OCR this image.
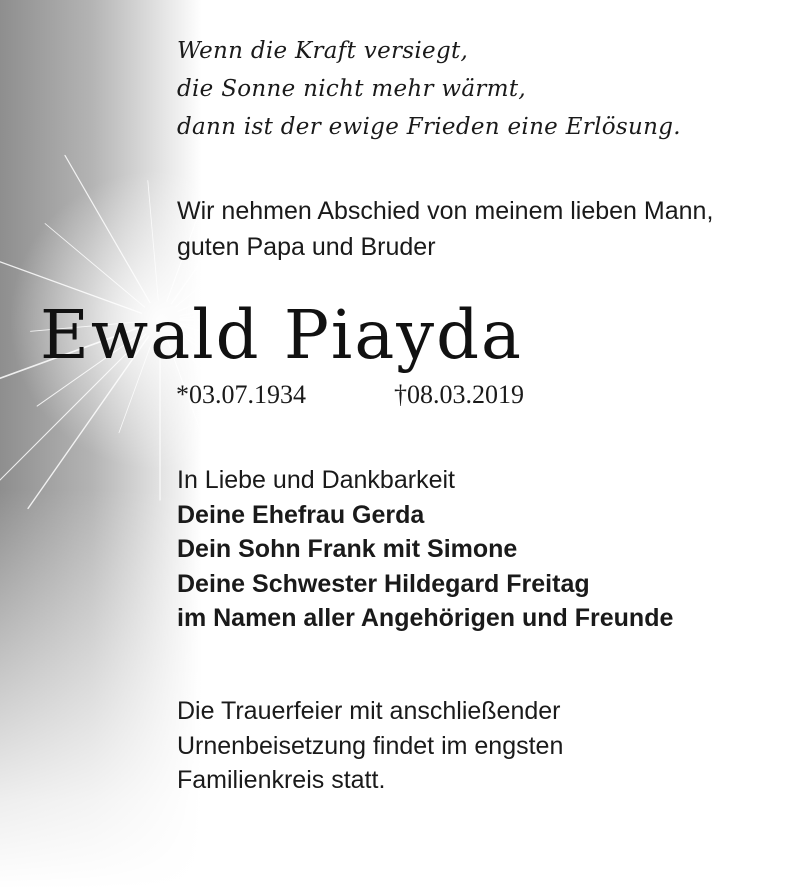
Wenn die Kraft versiegt,
die Sonne nicht mehr wärmt,
dann ist der ewige Frieden eine Erlösung.

Wir nehmen Abschied von meinem lieben Mann,
guten Papa und Bruder

Ewald Piayda
*03.07.1934	†08.03.2019

In Liebe und Dankbarkeit
Deine Ehefrau Gerda
Dein Sohn Frank mit Simone
Deine Schwester Hildegard Freitag
im Namen aller Angehörigen und Freunde

Die Trauerfeier mit anschließender
Urnenbeisetzung findet im engsten
Familienkreis statt.
